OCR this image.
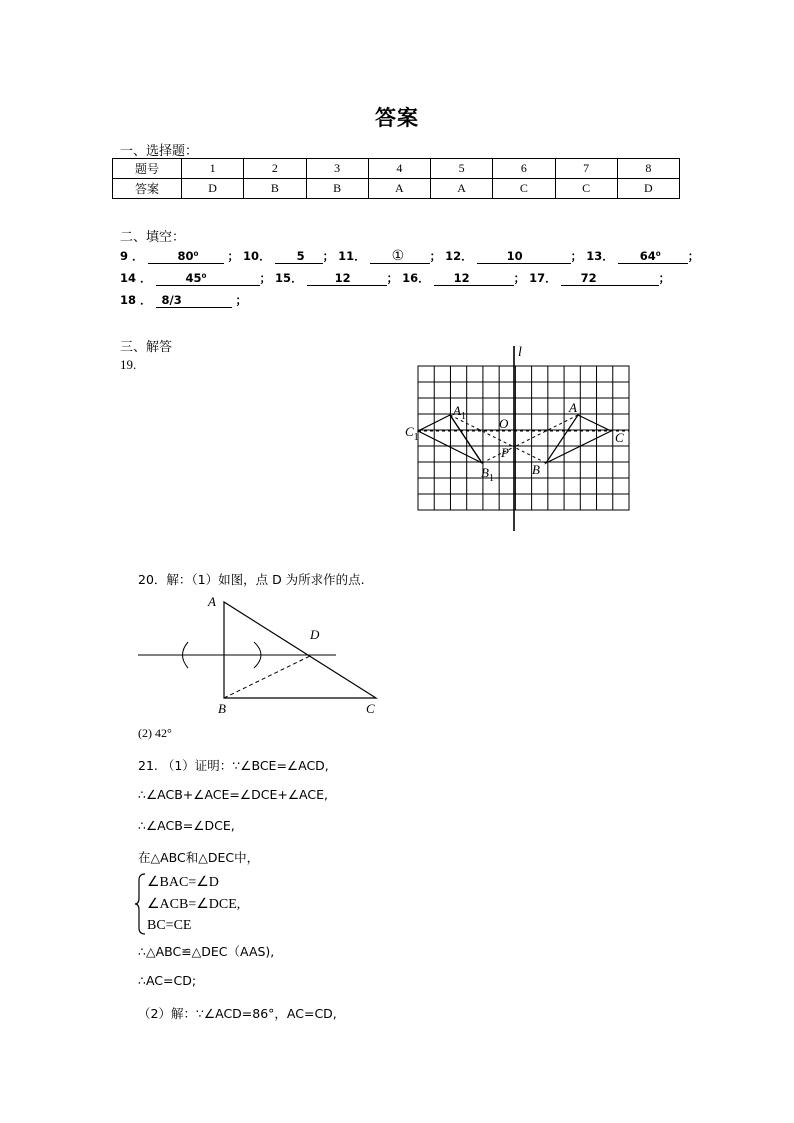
答案
一、选择题：
题号	1	2	3	4	5	6	7	8
答案	D	B	B	A	A	C	C	D
二、填空：
9 ．	80⁰ ； 10． 5 ； 11． ① ； 12．	10	； 13． 64⁰ ；
14 ．	45⁰	； 15． 12	； 16． 12	； 17． 72	；
18 ． 8/3	；
三、解答
19.
l
$A_1$
A
O
$C_1$	C
P
$B_1$
B
20．解：（1）如图，点 D 为所求作的点.
A
D
B	C
(2) 42°
21. （1）证明：∵∠BCE=∠ACD,
∴∠ACB+∠ACE=∠DCE+∠ACE,
∴∠ACB=∠DCE,
在△ABC和△DEC中，
∠BAC=∠D
∠ACB=∠DCE,
BC=CE
∴△ABC≌△DEC（AAS),
∴AC=CD;
（2）解：∵∠ACD=86°，AC=CD,
